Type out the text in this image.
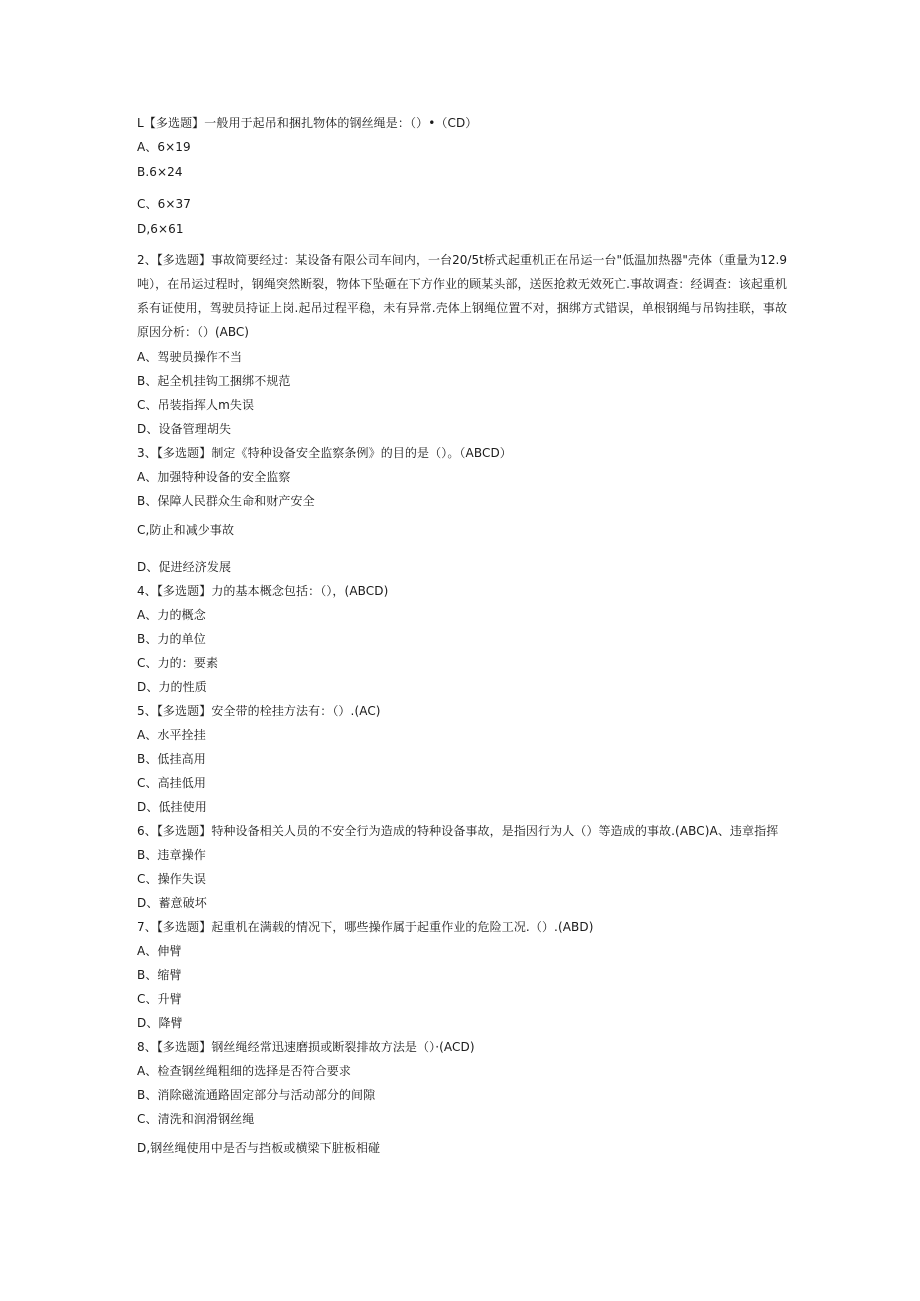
L【多选题】一般用于起吊和捆扎物体的钢丝绳是：（）•（CD）
A、6×19
B.6×24
C、6×37
D,6×61
2、【多选题】事故简要经过：某设备有限公司车间内，一台20∕5t桥式起重机正在吊运一台"低温加热器"壳体（重量为12.9吨），在吊运过程时，钢绳突然断裂，物体下坠砸在下方作业的顾某头部，送医抢救无效死亡.事故调查：经调查：该起重机系有证使用，驾驶员持证上岗.起吊过程平稳，未有异常.壳体上钢绳位置不对，捆绑方式错误，单根钢绳与吊钩挂联，事故原因分析：（）(ABC)
A、驾驶员操作不当
B、起全机挂钩工捆绑不规范
C、吊装指挥人m失误
D、设备管理胡失
3、【多选题】制定《特种设备安全监察条例》的目的是（）。（ABCD）
A、加强特种设备的安全监察
B、保障人民群众生命和财产安全
C,防止和减少事故
D、促进经济发展
4、【多选题】力的基本概念包括：（），(ABCD)
A、力的概念
B、力的单位
C、力的：要素
D、力的性质
5、【多选题】安全带的栓挂方法有：（）.(AC)
A、水平拴挂
B、低挂高用
C、高挂低用
D、低挂使用
6、【多选题】特种设备相关人员的不安全行为造成的特种设备事故，是指因行为人（）等造成的事故.(ABC)A、违章指挥
B、违章操作
C、操作失误
D、蓄意破坏
7、【多选题】起重机在满载的情况下，哪些操作属于起重作业的危险工况.（）.(ABD)
A、伸臂
B、缩臂
C、升臂
D、降臂
8、【多选题】钢丝绳经常迅速磨损或断裂排故方法是（）·(ACD)
A、检查钢丝绳粗细的选择是否符合要求
B、消除磁流通路固定部分与活动部分的间隙
C、清洗和润滑钢丝绳
D,钢丝绳使用中是否与挡板或横梁下脏板相碰
